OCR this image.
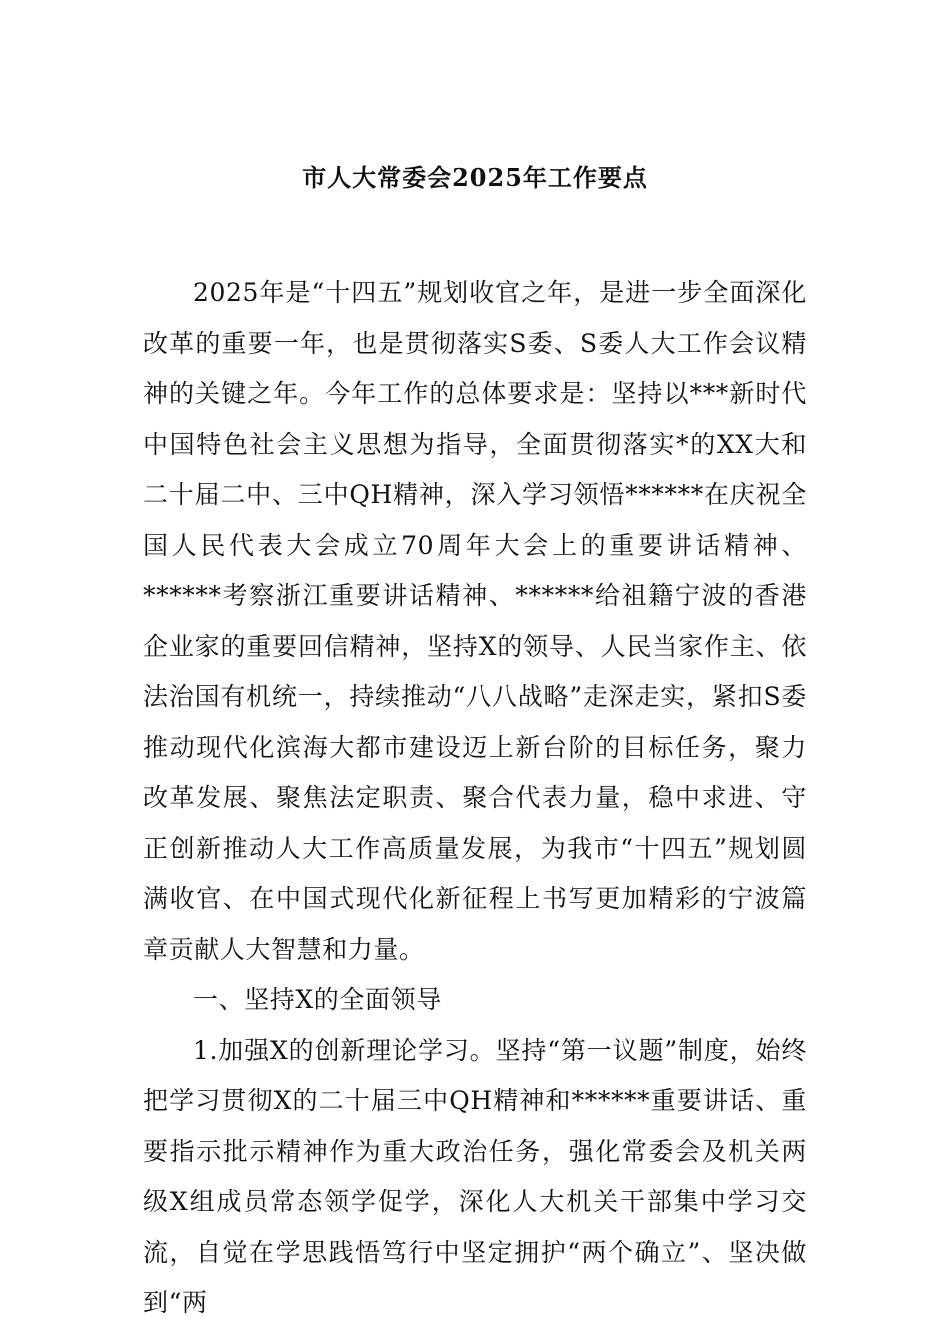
市人大常委会2025年工作要点

2025年是“十四五”规划收官之年，是进一步全面深化改革的重要一年，也是贯彻落实S委、S委人大工作会议精神的关键之年。今年工作的总体要求是：坚持以***新时代中国特色社会主义思想为指导，全面贯彻落实*的XX大和二十届二中、三中QH精神，深入学习领悟******在庆祝全国人民代表大会成立70周年大会上的重要讲话精神、******考察浙江重要讲话精神、******给祖籍宁波的香港企业家的重要回信精神，坚持X的领导、人民当家作主、依法治国有机统一，持续推动“八八战略”走深走实，紧扣S委推动现代化滨海大都市建设迈上新台阶的目标任务，聚力改革发展、聚焦法定职责、聚合代表力量，稳中求进、守正创新推动人大工作高质量发展，为我市“十四五”规划圆满收官、在中国式现代化新征程上书写更加精彩的宁波篇章贡献人大智慧和力量。

一、坚持X的全面领导

1.加强X的创新理论学习。坚持“第一议题”制度，始终把学习贯彻X的二十届三中QH精神和******重要讲话、重要指示批示精神作为重大政治任务，强化常委会及机关两级X组成员常态领学促学，深化人大机关干部集中学习交流，自觉在学思践悟笃行中坚定拥护“两个确立”、坚决做到“两
